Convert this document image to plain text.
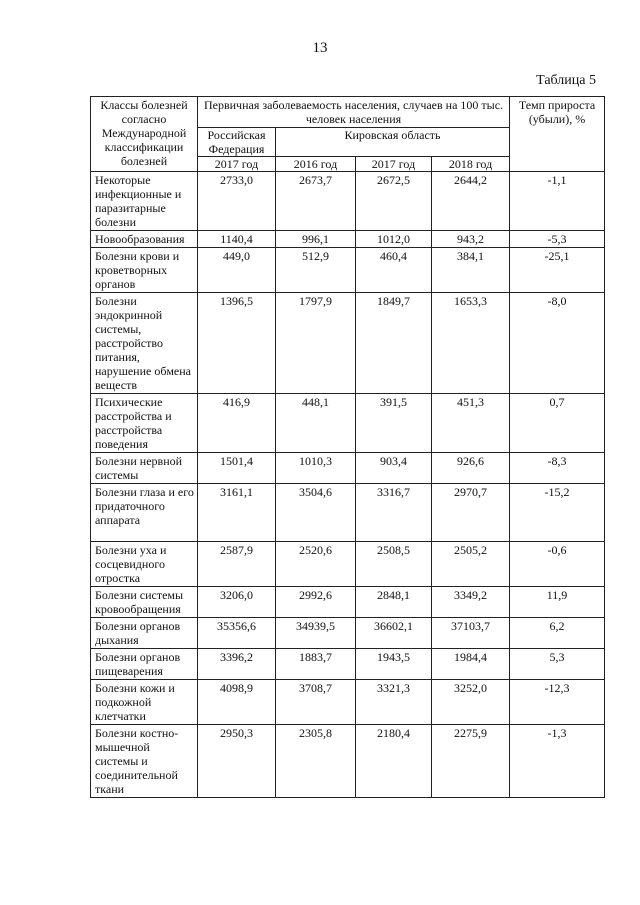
13
Таблица 5
Классы болезней согласно Международной классификации болезней	Первичная заболеваемость населения, случаев на 100 тыс. человек населения				Темп прироста (убыли), %
	Российская Федерация	Кировская область			
	2017 год	2016 год	2017 год	2018 год	
Некоторые инфекционные и паразитарные болезни	2733,0	2673,7	2672,5	2644,2	-1,1
Новообразования	1140,4	996,1	1012,0	943,2	-5,3
Болезни крови и кроветворных органов	449,0	512,9	460,4	384,1	-25,1
Болезни эндокринной системы, расстройство питания, нарушение обмена веществ	1396,5	1797,9	1849,7	1653,3	-8,0
Психические расстройства и расстройства поведения	416,9	448,1	391,5	451,3	0,7
Болезни нервной системы	1501,4	1010,3	903,4	926,6	-8,3
Болезни глаза и его придаточного аппарата	3161,1	3504,6	3316,7	2970,7	-15,2
Болезни уха и сосцевидного отростка	2587,9	2520,6	2508,5	2505,2	-0,6
Болезни системы кровообращения	3206,0	2992,6	2848,1	3349,2	11,9
Болезни органов дыхания	35356,6	34939,5	36602,1	37103,7	6,2
Болезни органов пищеварения	3396,2	1883,7	1943,5	1984,4	5,3
Болезни кожи и подкожной клетчатки	4098,9	3708,7	3321,3	3252,0	-12,3
Болезни костно-мышечной системы и соединительной ткани	2950,3	2305,8	2180,4	2275,9	-1,3
